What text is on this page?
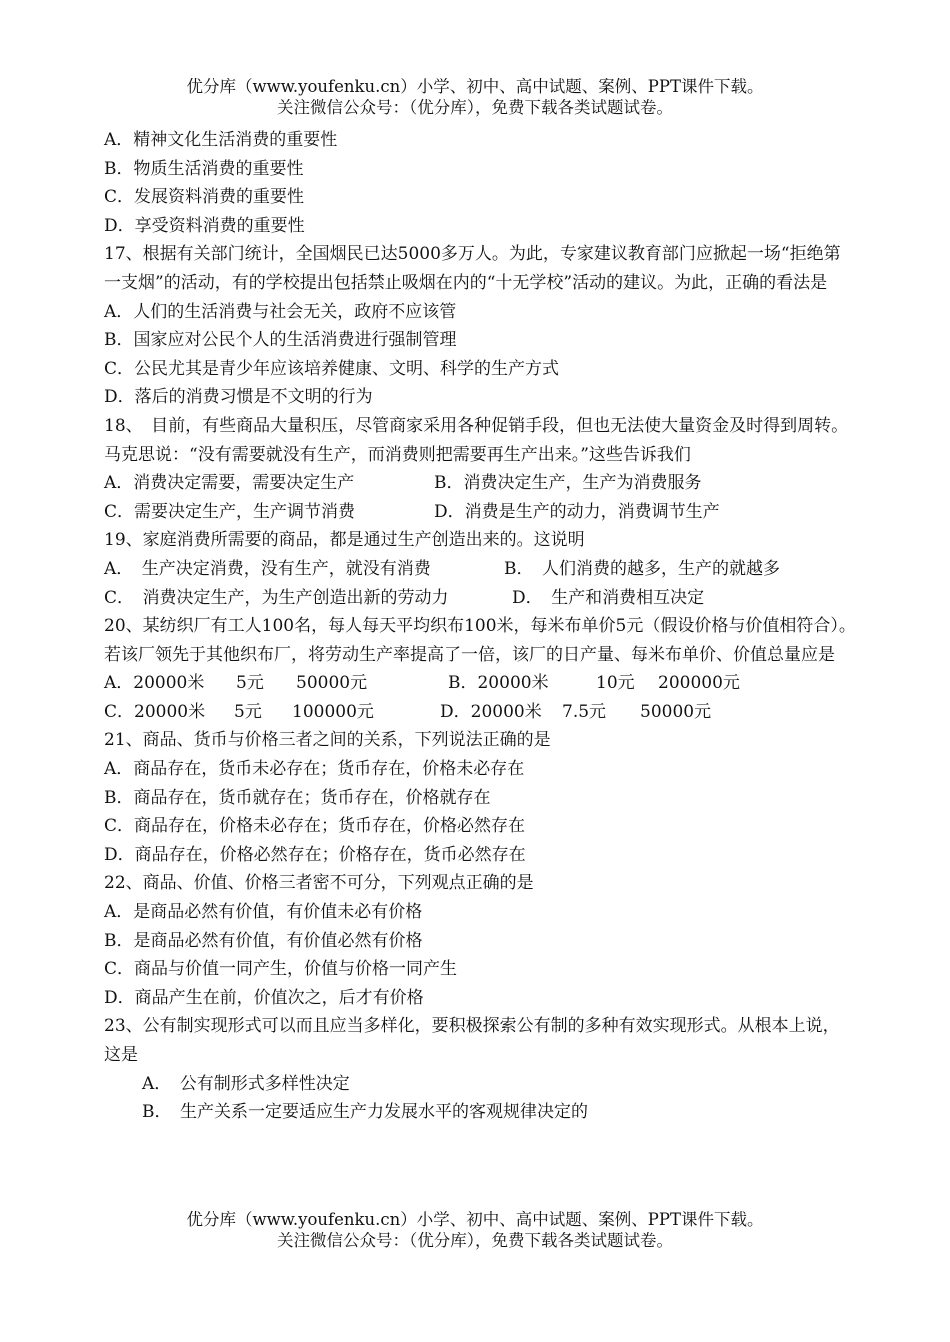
优分库（www.youfenku.cn）小学、初中、高中试题、案例、PPT课件下载。
关注微信公众号：（优分库），免费下载各类试题试卷。
A．精神文化生活消费的重要性
B．物质生活消费的重要性
C．发展资料消费的重要性
D．享受资料消费的重要性
17、根据有关部门统计，全国烟民已达5000多万人。为此，专家建议教育部门应掀起一场“拒绝第一支烟”的活动，有的学校提出包括禁止吸烟在内的“十无学校”活动的建议。为此，正确的看法是
A．人们的生活消费与社会无关，政府不应该管
B．国家应对公民个人的生活消费进行强制管理
C．公民尤其是青少年应该培养健康、文明、科学的生产方式
D．落后的消费习惯是不文明的行为
18、　目前，有些商品大量积压，尽管商家采用各种促销手段，但也无法使大量资金及时得到周转。马克思说：“没有需要就没有生产，而消费则把需要再生产出来。”这些告诉我们
A．消费决定需要，需要决定生产	B．消费决定生产，生产为消费服务
C．需要决定生产，生产调节消费	D．消费是生产的动力，消费调节生产
19、家庭消费所需要的商品，都是通过生产创造出来的。这说明
A．　生产决定消费，没有生产，就没有消费	B．　人们消费的越多，生产的就越多
C．　消费决定生产，为生产创造出新的劳动力	D．　生产和消费相互决定
20、某纺织厂有工人100名，每人每天平均织布100米，每米布单价5元（假设价格与价值相符合）。若该厂领先于其他织布厂，将劳动生产率提高了一倍，该厂的日产量、每米布单价、价值总量应是
A．20000米	5元	50000元	B．20000米	10元	200000元
C．20000米	5元	100000元	D．20000米	7.5元	50000元
21、商品、货币与价格三者之间的关系，下列说法正确的是
A．商品存在，货币未必存在；货币存在，价格未必存在
B．商品存在，货币就存在；货币存在，价格就存在
C．商品存在，价格未必存在；货币存在，价格必然存在
D．商品存在，价格必然存在；价格存在，货币必然存在
22、商品、价值、价格三者密不可分，下列观点正确的是
A．是商品必然有价值，有价值未必有价格
B．是商品必然有价值，有价值必然有价格
C．商品与价值一同产生，价值与价格一同产生
D．商品产生在前，价值次之，后才有价格
23、公有制实现形式可以而且应当多样化，要积极探索公有制的多种有效实现形式。从根本上说，这是
A．　公有制形式多样性决定
B．　生产关系一定要适应生产力发展水平的客观规律决定的
优分库（www.youfenku.cn）小学、初中、高中试题、案例、PPT课件下载。
关注微信公众号：（优分库），免费下载各类试题试卷。
